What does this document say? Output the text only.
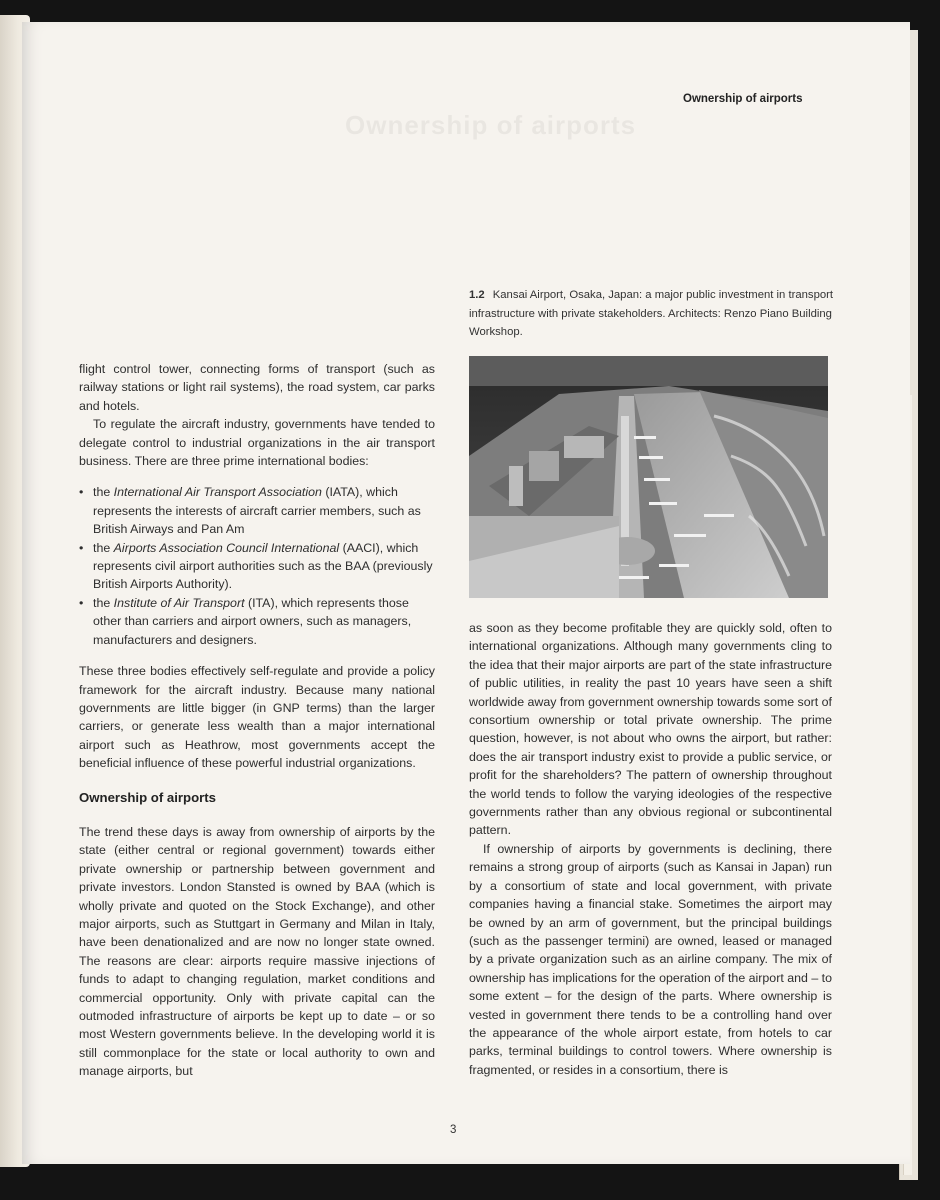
Ownership of airports
Ownership of airports
1.2 Kansai Airport, Osaka, Japan: a major public investment in transport infrastructure with private stakeholders. Architects: Renzo Piano Building Workshop.

flight control tower, connecting forms of transport (such as railway stations or light rail systems), the road system, car parks and hotels.

To regulate the aircraft industry, governments have tended to delegate control to industrial organizations in the air transport business. There are three prime international bodies:

• the International Air Transport Association (IATA), which represents the interests of aircraft carrier members, such as British Airways and Pan Am
• the Airports Association Council International (AACI), which represents civil airport authorities such as the BAA (previously British Airports Authority).
• the Institute of Air Transport (ITA), which represents those other than carriers and airport owners, such as managers, manufacturers and designers.

These three bodies effectively self-regulate and provide a policy framework for the aircraft industry. Because many national governments are little bigger (in GNP terms) than the larger carriers, or generate less wealth than a major international airport such as Heathrow, most governments accept the beneficial influence of these powerful industrial organizations.

Ownership of airports

The trend these days is away from ownership of airports by the state (either central or regional government) towards either private ownership or partnership between government and private investors. London Stansted is owned by BAA (which is wholly private and quoted on the Stock Exchange), and other major airports, such as Stuttgart in Germany and Milan in Italy, have been denationalized and are now no longer state owned. The reasons are clear: airports require massive injections of funds to adapt to changing regulation, market conditions and commercial opportunity. Only with private capital can the outmoded infrastructure of airports be kept up to date – or so most Western governments believe. In the developing world it is still commonplace for the state or local authority to own and manage airports, but

as soon as they become profitable they are quickly sold, often to international organizations. Although many governments cling to the idea that their major airports are part of the state infrastructure of public utilities, in reality the past 10 years have seen a shift worldwide away from government ownership towards some sort of consortium ownership or total private ownership. The prime question, however, is not about who owns the airport, but rather: does the air transport industry exist to provide a public service, or profit for the shareholders? The pattern of ownership throughout the world tends to follow the varying ideologies of the respective governments rather than any obvious regional or subcontinental pattern.

If ownership of airports by governments is declining, there remains a strong group of airports (such as Kansai in Japan) run by a consortium of state and local government, with private companies having a financial stake. Sometimes the airport may be owned by an arm of government, but the principal buildings (such as the passenger termini) are owned, leased or managed by a private organization such as an airline company. The mix of ownership has implications for the operation of the airport and – to some extent – for the design of the parts. Where ownership is vested in government there tends to be a controlling hand over the appearance of the whole airport estate, from hotels to car parks, terminal buildings to control towers. Where ownership is fragmented, or resides in a consortium, there is

3
